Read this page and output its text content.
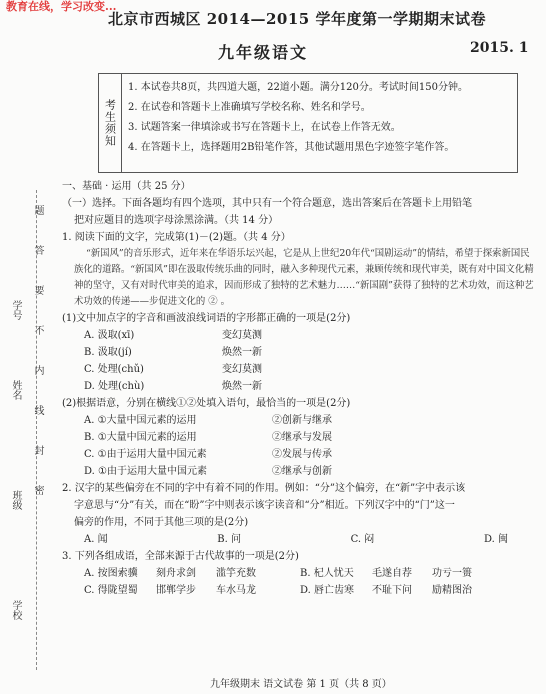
教育在线，学习改变...
北京市西城区 2014—2015 学年度第一学期期末试卷
九年级语文	2015. 1
考生须知
1. 本试卷共8页，共四道大题，22道小题。满分120分。考试时间150分钟。
2. 在试卷和答题卡上准确填写学校名称、姓名和学号。
3. 试题答案一律填涂或书写在答题卡上，在试卷上作答无效。
4. 在答题卡上，选择题用2B铅笔作答，其他试题用黑色字迹签字笔作答。
学号
姓名
班级
学校
题
答
要
不
内
线
封
密
一、基础 · 运用（共 25 分）
（一）选择。下面各题均有四个选项，其中只有一个符合题意，选出答案后在答题卡上用铅笔
把对应题目的选项字母涂黑涂满。（共 14 分）
1. 阅读下面的文字，完成第(1)－(2)题。（共 4 分）
“新国风”的音乐形式，近年来在华语乐坛兴起，它是从上世纪20年代“国剧运动”的情结，希望于探索新国民族化的道路。“新国风”即在汲取传统乐曲的同时，融入多种现代元素，兼顾传统和现代审美，既有对中国文化精神的坚守，又有对时代审美的追求，因而形成了独特的艺术魅力……“新国剧”获得了独特的艺术功效，而这种艺术功效的传递——步促进文化的 ② 。
(1)文中加点字的字音和画波浪线词语的字形都正确的一项是(2分)
A. 汲取(xī)	变幻莫测
B. 汲取(jí)	焕然一新
C. 处理(chǔ)	变幻莫测
D. 处理(chù)	焕然一新
(2)根据语意，分别在横线①②处填入语句，最恰当的一项是(2分)
A. ①大量中国元素的运用	②创新与继承
B. ①大量中国元素的运用	②继承与发展
C. ①由于运用大量中国元素	②发展与传承
D. ①由于运用大量中国元素	②继承与创新
2. 汉字的某些偏旁在不同的字中有着不同的作用。例如：“分”这个偏旁，在“新”字中表示该
字意思与“分”有关，而在“盼”字中则表示该字读音和“分”相近。下列汉字中的“门”这一
偏旁的作用，不同于其他三项的是(2分)
A. 闻	B. 问	C. 闷	D. 闽
3. 下列各组成语，全部来源于古代故事的一项是(2分)
A. 按图索骥	刻舟求剑	滥竽充数	B. 杞人忧天	毛遂自荐	功亏一篑
C. 得陇望蜀	邯郸学步	车水马龙	D. 唇亡齿寒	不耻下问	励精图治
九年级期末 语文试卷 第 1 页（共 8 页）
